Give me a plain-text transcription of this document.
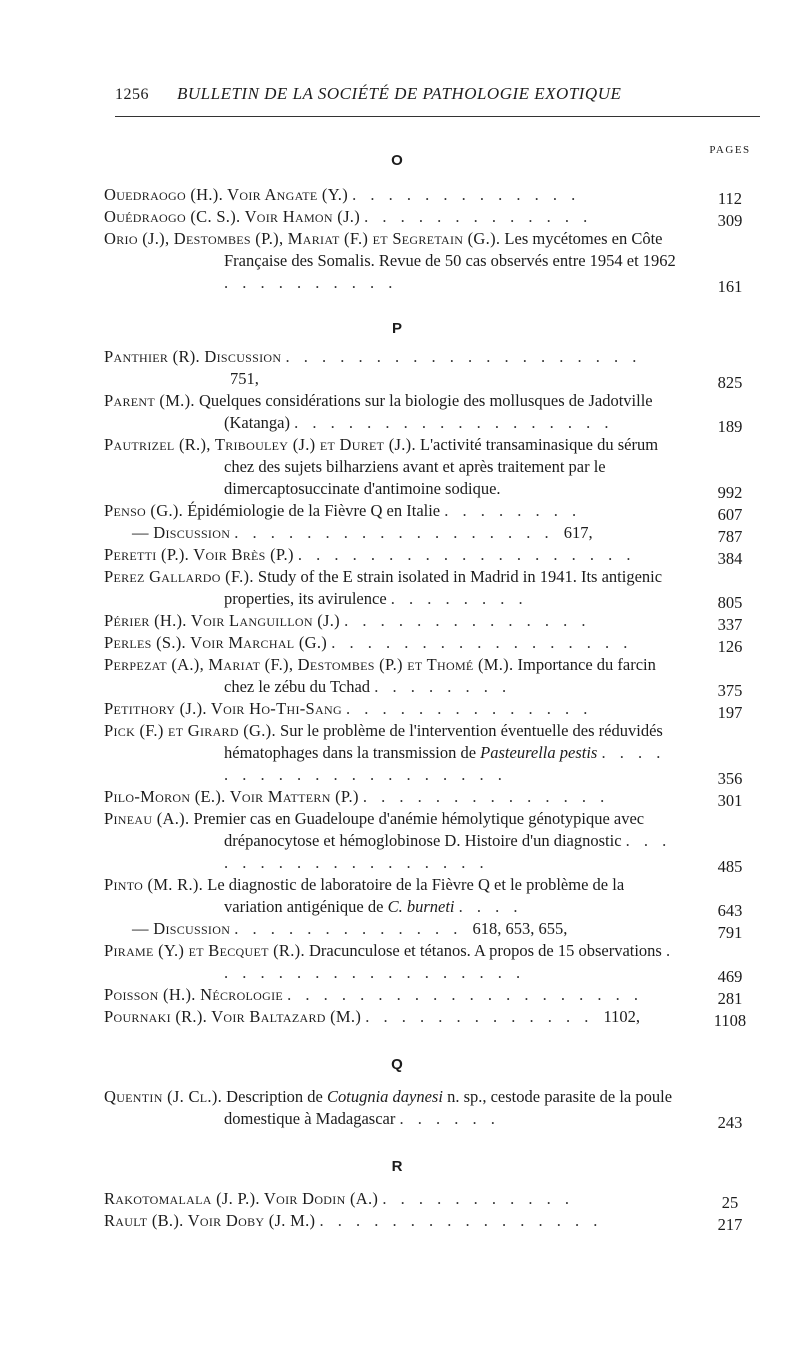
1256 BULLETIN DE LA SOCIÉTÉ DE PATHOLOGIE EXOTIQUE
PAGES
O
Ouedraogo (H.). Voir Angate (Y.) . . . . . . . . . . . . .	112
Ouédraogo (C. S.). Voir Hamon (J.) . . . . . . . . . . . . .	309
Orio (J.), Destombes (P.), Mariat (F.) et Segretain (G.). Les mycétomes en Côte Française des Somalis. Revue de 50 cas observés entre 1954 et 1962 . . . . . . . . . .	161
P
Panthier (R). Discussion . . . . . . . . . . . . . . . . . . . . 751,	825
Parent (M.). Quelques considérations sur la biologie des mollusques de Jadotville (Katanga) . . . . . . . . . . . . . . . . . .	189
Pautrizel (R.), Tribouley (J.) et Duret (J.). L'activité transaminasique du sérum chez des sujets bilharziens avant et après traitement par le dimercaptosuccinate d'antimoine sodique.	992
Penso (G.). Épidémiologie de la Fièvre Q en Italie . . . . . . . .	607
— Discussion . . . . . . . . . . . . . . . . . . 617,	787
Peretti (P.). Voir Brès (P.) . . . . . . . . . . . . . . . . . . .	384
Perez Gallardo (F.). Study of the E strain isolated in Madrid in 1941. Its antigenic properties, its avirulence . . . . . . . .	805
Périer (H.). Voir Languillon (J.) . . . . . . . . . . . . . .	337
Perles (S.). Voir Marchal (G.) . . . . . . . . . . . . . . . . .	126
Perpezat (A.), Mariat (F.), Destombes (P.) et Thomé (M.). Importance du farcin chez le zébu du Tchad . . . . . . . .	375
Petithory (J.). Voir Ho-Thi-Sang . . . . . . . . . . . . . .	197
Pick (F.) et Girard (G.). Sur le problème de l'intervention éventuelle des réduvidés hématophages dans la transmission de Pasteurella pestis . . . . . . . . . . . . . . . . . . . .	356
Pilo-Moron (E.). Voir Mattern (P.) . . . . . . . . . . . . . .	301
Pineau (A.). Premier cas en Guadeloupe d'anémie hémolytique génotypique avec drépanocytose et hémoglobinose D. Histoire d'un diagnostic . . . . . . . . . . . . . . . . . .	485
Pinto (M. R.). Le diagnostic de laboratoire de la Fièvre Q et le problème de la variation antigénique de C. burneti . . . .	643
— Discussion . . . . . . . . . . . . . 618, 653, 655,	791
Pirame (Y.) et Becquet (R.). Dracunculose et tétanos. A propos de 15 observations . . . . . . . . . . . . . . . . . .	469
Poisson (H.). Nécrologie . . . . . . . . . . . . . . . . . . . .	281
Pournaki (R.). Voir Baltazard (M.) . . . . . . . . . . . . . 1102,	1108
Q
Quentin (J. Cl.). Description de Cotugnia daynesi n. sp., cestode parasite de la poule domestique à Madagascar . . . . . .	243
R
Rakotomalala (J. P.). Voir Dodin (A.) . . . . . . . . . . .	25
Rault (B.). Voir Doby (J. M.) . . . . . . . . . . . . . . . .	217
